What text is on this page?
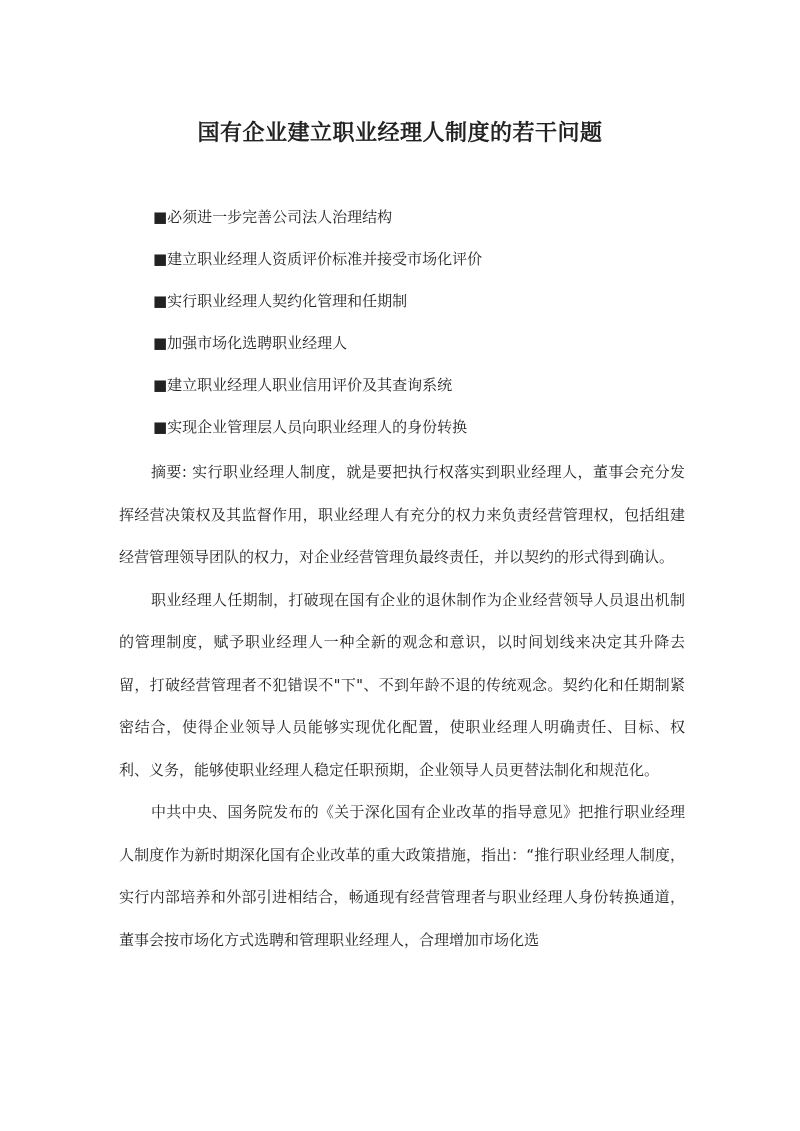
国有企业建立职业经理人制度的若干问题
■必须进一步完善公司法人治理结构
■建立职业经理人资质评价标准并接受市场化评价
■实行职业经理人契约化管理和任期制
■加强市场化选聘职业经理人
■建立职业经理人职业信用评价及其查询系统
■实现企业管理层人员向职业经理人的身份转换

摘要: 实行职业经理人制度，就是要把执行权落实到职业经理人，董事会充分发挥经营决策权及其监督作用，职业经理人有充分的权力来负责经营管理权，包括组建经营管理领导团队的权力，对企业经营管理负最终责任，并以契约的形式得到确认。

职业经理人任期制，打破现在国有企业的退休制作为企业经营领导人员退出机制的管理制度，赋予职业经理人一种全新的观念和意识，以时间划线来决定其升降去留，打破经营管理者不犯错误不"下"、不到年龄不退的传统观念。契约化和任期制紧密结合，使得企业领导人员能够实现优化配置，使职业经理人明确责任、目标、权利、义务，能够使职业经理人稳定任职预期，企业领导人员更替法制化和规范化。

中共中央、国务院发布的《关于深化国有企业改革的指导意见》把推行职业经理人制度作为新时期深化国有企业改革的重大政策措施，指出：“推行职业经理人制度，实行内部培养和外部引进相结合，畅通现有经营管理者与职业经理人身份转换通道，董事会按市场化方式选聘和管理职业经理人，合理增加市场化选
